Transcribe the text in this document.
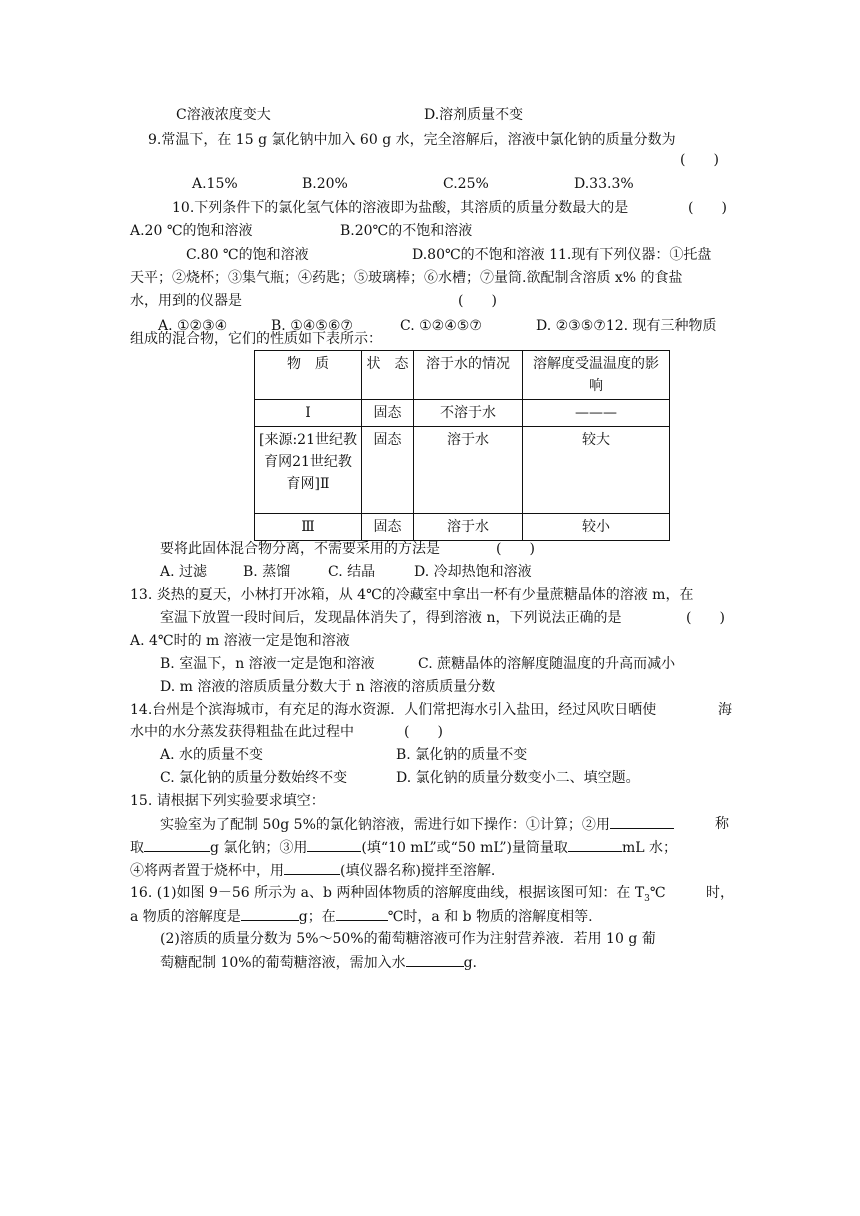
C溶液浓度变大	D.溶剂质量不变
9.常温下，在 15 g 氯化钠中加入 60 g 水，完全溶解后，溶液中氯化钠的质量分数为
(　　)
A.15%	B.20%	C.25%	D.33.3%
10.下列条件下的氯化氢气体的溶液即为盐酸，其溶质的质量分数最大的是	(　　)
A.20 ℃的饱和溶液	B.20℃的不饱和溶液
C.80 ℃的饱和溶液	D.80℃的不饱和溶液 11.现有下列仪器：①托盘
天平；②烧杯；③集气瓶；④药匙；⑤玻璃棒；⑥水槽；⑦量筒.欲配制含溶质 x% 的食盐
水，用到的仪器是	(　　)
A. ①②③④	B. ①④⑤⑥⑦	C. ①②④⑤⑦	D. ②③⑤⑦12. 现有三种物质
组成的混合物，它们的性质如下表所示：
物　质	状　态	溶于水的情况	溶解度受温温度的影响
Ⅰ	固态	不溶于水	———
[来源:21世纪教育网21世纪教育网]Ⅱ	固态	溶于水	较大
Ⅲ	固态	溶于水	较小
要将此固体混合物分离，不需要采用的方法是	(　　)
A. 过滤	B. 蒸馏	C. 结晶	D. 冷却热饱和溶液
13. 炎热的夏天，小林打开冰箱，从 4℃的冷藏室中拿出一杯有少量蔗糖晶体的溶液 m，在
室温下放置一段时间后，发现晶体消失了，得到溶液 n，下列说法正确的是	(　　)
A. 4℃时的 m 溶液一定是饱和溶液
B. 室温下，n 溶液一定是饱和溶液	C. 蔗糖晶体的溶解度随温度的升高而减小
D. m 溶液的溶质质量分数大于 n 溶液的溶质质量分数
14.台州是个滨海城市，有充足的海水资源．人们常把海水引入盐田，经过风吹日晒使	海
水中的水分蒸发获得粗盐在此过程中	(　　)
A. 水的质量不变	B. 氯化钠的质量不变
C. 氯化钠的质量分数始终不变	D. 氯化钠的质量分数变小二、填空题。
15. 请根据下列实验要求填空：
实验室为了配制 50g 5%的氯化钠溶液，需进行如下操作：①计算；②用	称
取	g 氯化钠；③用	(填“10 mL”或“50 mL”)量筒量取	mL 水；
④将两者置于烧杯中，用	(填仪器名称)搅拌至溶解.
16. (1)如图 9－56 所示为 a、b 两种固体物质的溶解度曲线，根据该图可知：在 $T_3℃$	时，
a 物质的溶解度是	g；在	℃时，a 和 b 物质的溶解度相等.
(2)溶质的质量分数为 5%～50%的葡萄糖溶液可作为注射营养液．若用 10 g 葡
萄糖配制 10%的葡萄糖溶液，需加入水	g.
